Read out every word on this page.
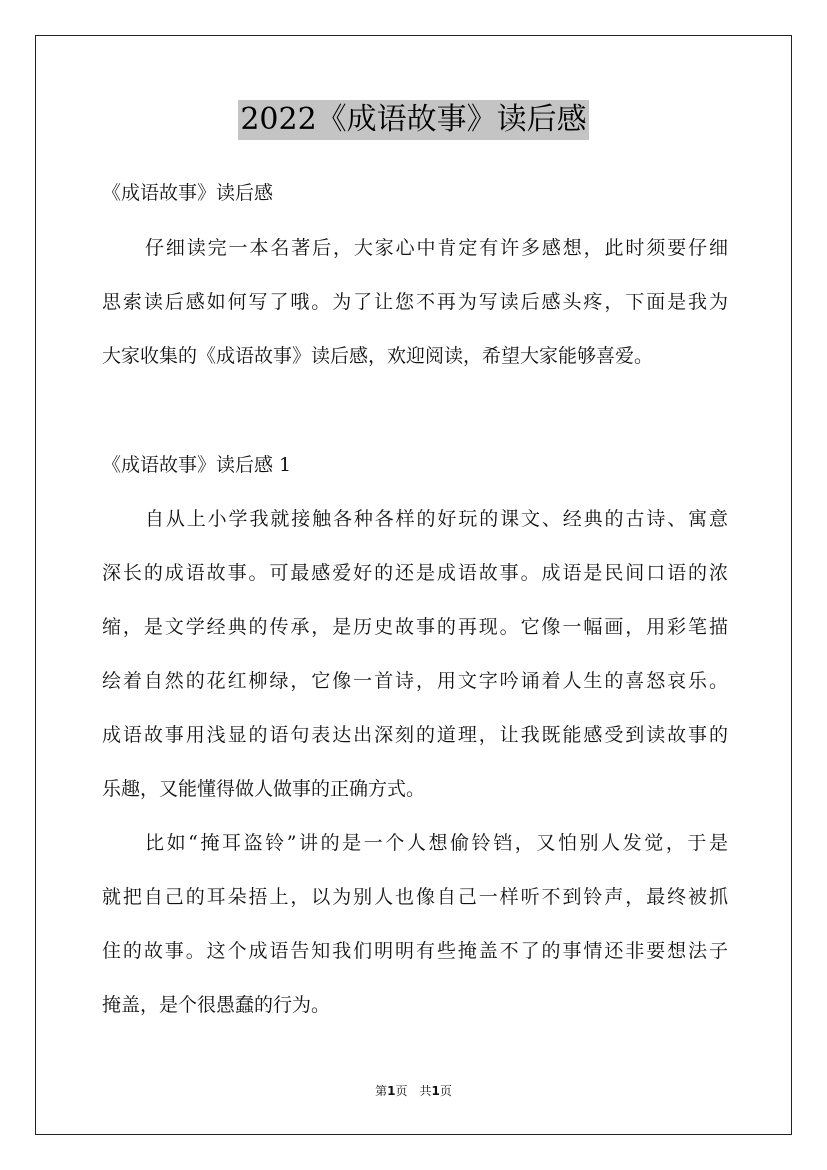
2022《成语故事》读后感
《成语故事》读后感
仔细读完一本名著后，大家心中肯定有许多感想，此时须要仔细
思索读后感如何写了哦。为了让您不再为写读后感头疼，下面是我为
大家收集的《成语故事》读后感，欢迎阅读，希望大家能够喜爱。
《成语故事》读后感 1
自从上小学我就接触各种各样的好玩的课文、经典的古诗、寓意
深长的成语故事。可最感爱好的还是成语故事。成语是民间口语的浓
缩，是文学经典的传承，是历史故事的再现。它像一幅画，用彩笔描
绘着自然的花红柳绿，它像一首诗，用文字吟诵着人生的喜怒哀乐。
成语故事用浅显的语句表达出深刻的道理，让我既能感受到读故事的
乐趣，又能懂得做人做事的正确方式。
比如“掩耳盗铃”讲的是一个人想偷铃铛，又怕别人发觉，于是
就把自己的耳朵捂上，以为别人也像自己一样听不到铃声，最终被抓
住的故事。这个成语告知我们明明有些掩盖不了的事情还非要想法子
掩盖，是个很愚蠢的行为。
第1页　共1页
